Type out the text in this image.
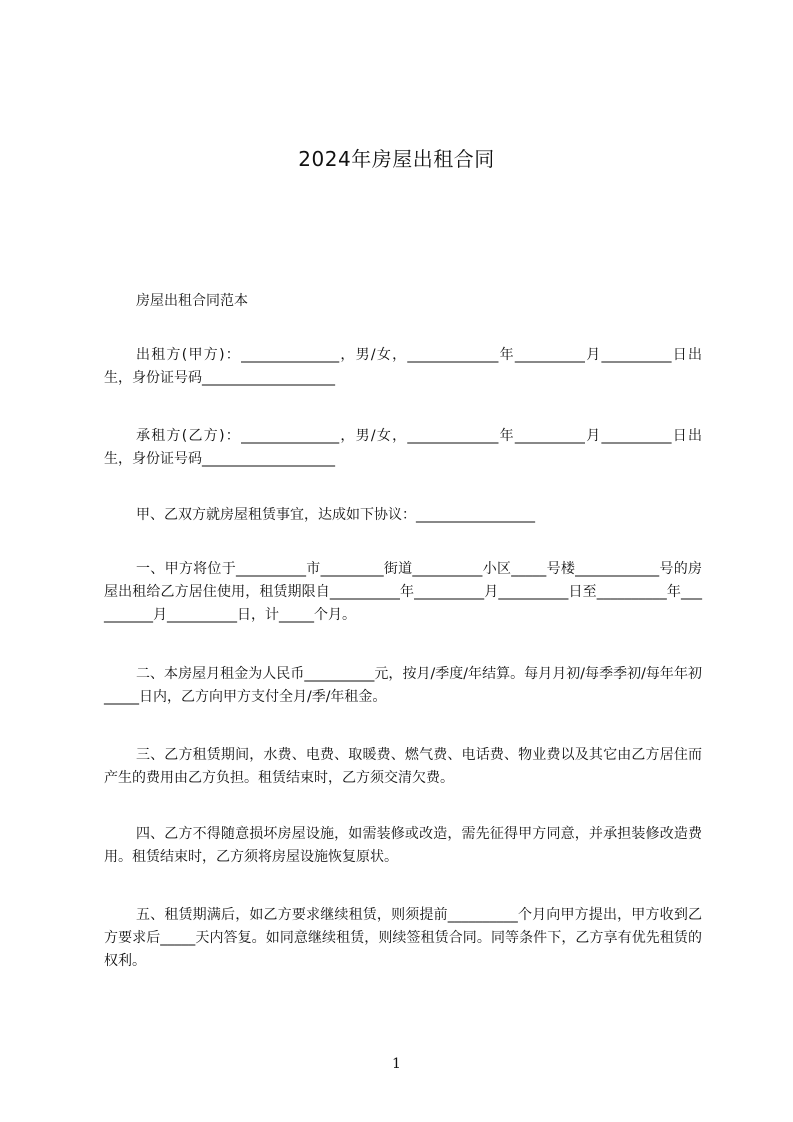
2024年房屋出租合同

房屋出租合同范本

出租方(甲方)：______________，男/女，_____________年__________月__________日出生，身份证号码___________________

承租方(乙方)：______________，男/女，_____________年__________月__________日出生，身份证号码___________________

甲、乙双方就房屋租赁事宜，达成如下协议：_________________

一、甲方将位于__________市_________街道__________小区_____号楼____________号的房屋出租给乙方居住使用，租赁期限自__________年__________月__________日至__________年__________月__________日，计_____个月。

二、本房屋月租金为人民币__________元，按月/季度/年结算。每月月初/每季季初/每年年初_____日内，乙方向甲方支付全月/季/年租金。

三、乙方租赁期间，水费、电费、取暖费、燃气费、电话费、物业费以及其它由乙方居住而产生的费用由乙方负担。租赁结束时，乙方须交清欠费。

四、乙方不得随意损坏房屋设施，如需装修或改造，需先征得甲方同意，并承担装修改造费用。租赁结束时，乙方须将房屋设施恢复原状。

五、租赁期满后，如乙方要求继续租赁，则须提前__________个月向甲方提出，甲方收到乙方要求后_____天内答复。如同意继续租赁，则续签租赁合同。同等条件下，乙方享有优先租赁的权利。

1
